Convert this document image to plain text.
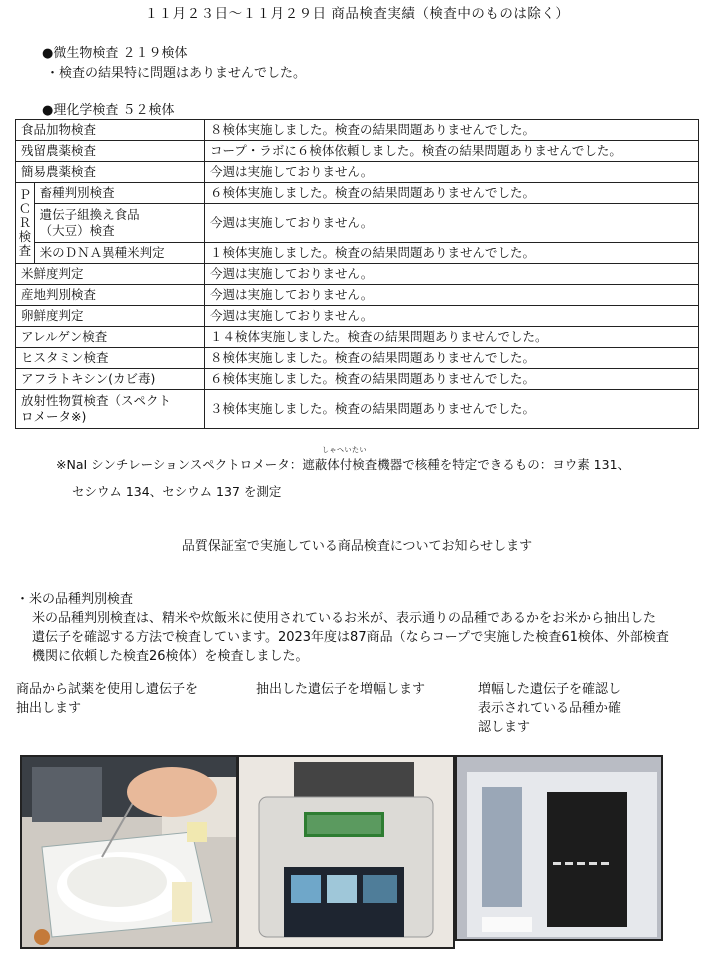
１１月２３日～１１月２９日 商品検査実績（検査中のものは除く）
●微生物検査 ２１９検体
・検査の結果特に問題はありませんでした。
●理化学検査 ５２検体
食品加物検査		８検体実施しました。検査の結果問題ありませんでした。
残留農薬検査		コープ・ラボに６検体依頼しました。検査の結果問題ありませんでした。
簡易農薬検査		今週は実施しておりません。
ＰＣＲ検査	畜種判別検査	６検体実施しました。検査の結果問題ありませんでした。
	遺伝子組換え食品
（大豆）検査	今週は実施しておりません。
	米のＤＮＡ異種米判定	１検体実施しました。検査の結果問題ありませんでした。
米鮮度判定		今週は実施しておりません。
産地判別検査		今週は実施しておりません。
卵鮮度判定		今週は実施しておりません。
アレルゲン検査		１４検体実施しました。検査の結果問題ありませんでした。
ヒスタミン検査		８検体実施しました。検査の結果問題ありませんでした。
アフラトキシン(カビ毒)		６検体実施しました。検査の結果問題ありませんでした。
放射性物質検査（スペクト
ロメータ※)		３検体実施しました。検査の結果問題ありませんでした。
しゃへいたい
※NaI シンチレーションスペクトロメータ：遮蔽体付検査機器で核種を特定できるもの：ヨウ素 131、
セシウム 134、セシウム 137 を測定
品質保証室で実施している商品検査についてお知らせします
・米の品種判別検査
米の品種判別検査は、精米や炊飯米に使用されているお米が、表示通りの品種であるかをお米から抽出した
遺伝子を確認する方法で検査しています。2023年度は87商品（ならコープで実施した検査61検体、外部検査
機関に依頼した検査26検体）を検査しました。
商品から試薬を使用し遺伝子を
抽出します
抽出した遺伝子を増幅します	増幅した遺伝子を確認し
表示されている品種か確
認します
